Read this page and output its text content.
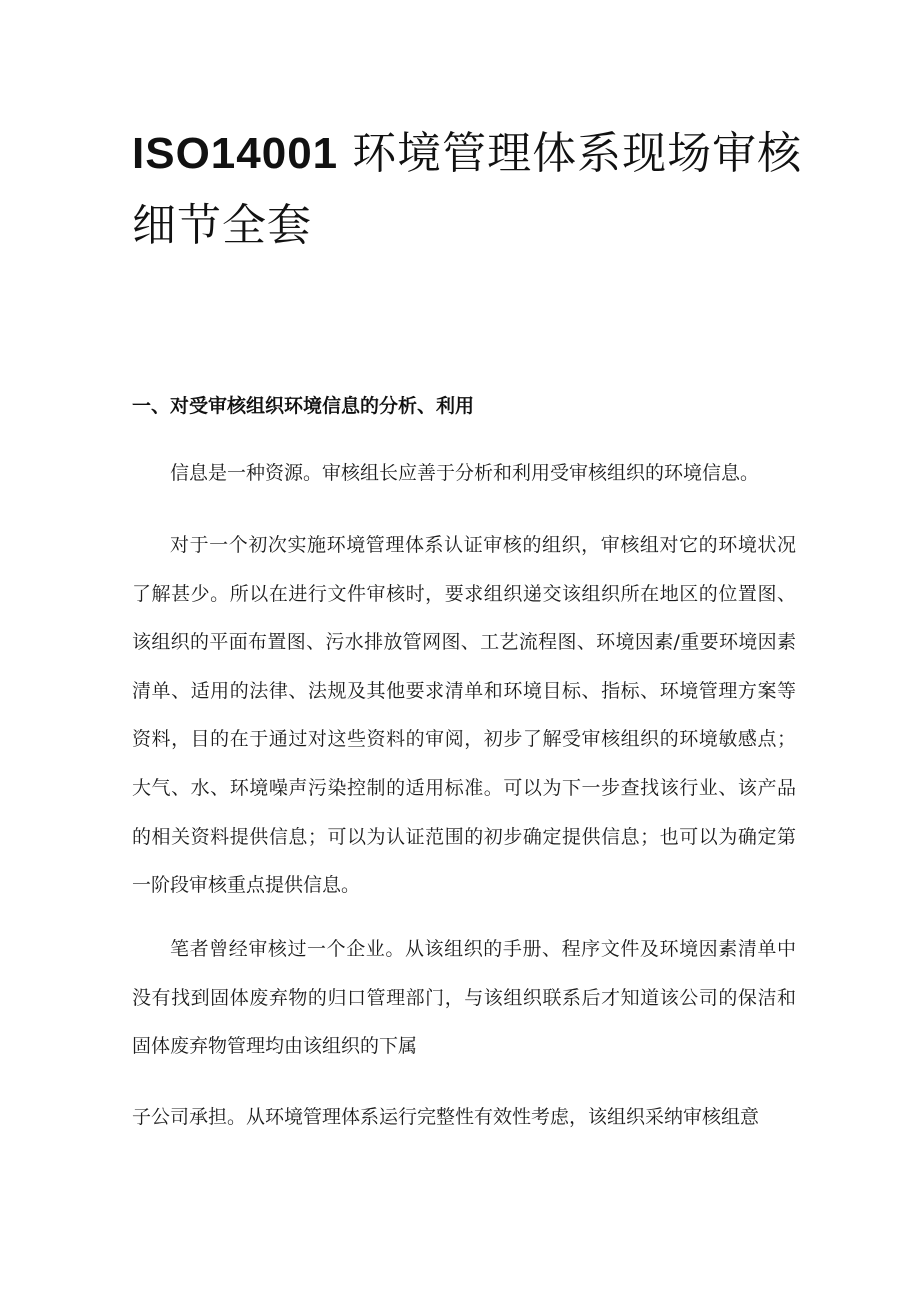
ISO14001 环境管理体系现场审核细节全套
一、对受审核组织环境信息的分析、利用

信息是一种资源。审核组长应善于分析和利用受审核组织的环境信息。

对于一个初次实施环境管理体系认证审核的组织，审核组对它的环境状况了解甚少。所以在进行文件审核时，要求组织递交该组织所在地区的位置图、该组织的平面布置图、污水排放管网图、工艺流程图、环境因素/重要环境因素清单、适用的法律、法规及其他要求清单和环境目标、指标、环境管理方案等资料，目的在于通过对这些资料的审阅，初步了解受审核组织的环境敏感点；大气、水、环境噪声污染控制的适用标准。可以为下一步查找该行业、该产品的相关资料提供信息；可以为认证范围的初步确定提供信息；也可以为确定第一阶段审核重点提供信息。

笔者曾经审核过一个企业。从该组织的手册、程序文件及环境因素清单中没有找到固体废弃物的归口管理部门，与该组织联系后才知道该公司的保洁和固体废弃物管理均由该组织的下属

子公司承担。从环境管理体系运行完整性有效性考虑，该组织采纳审核组意
